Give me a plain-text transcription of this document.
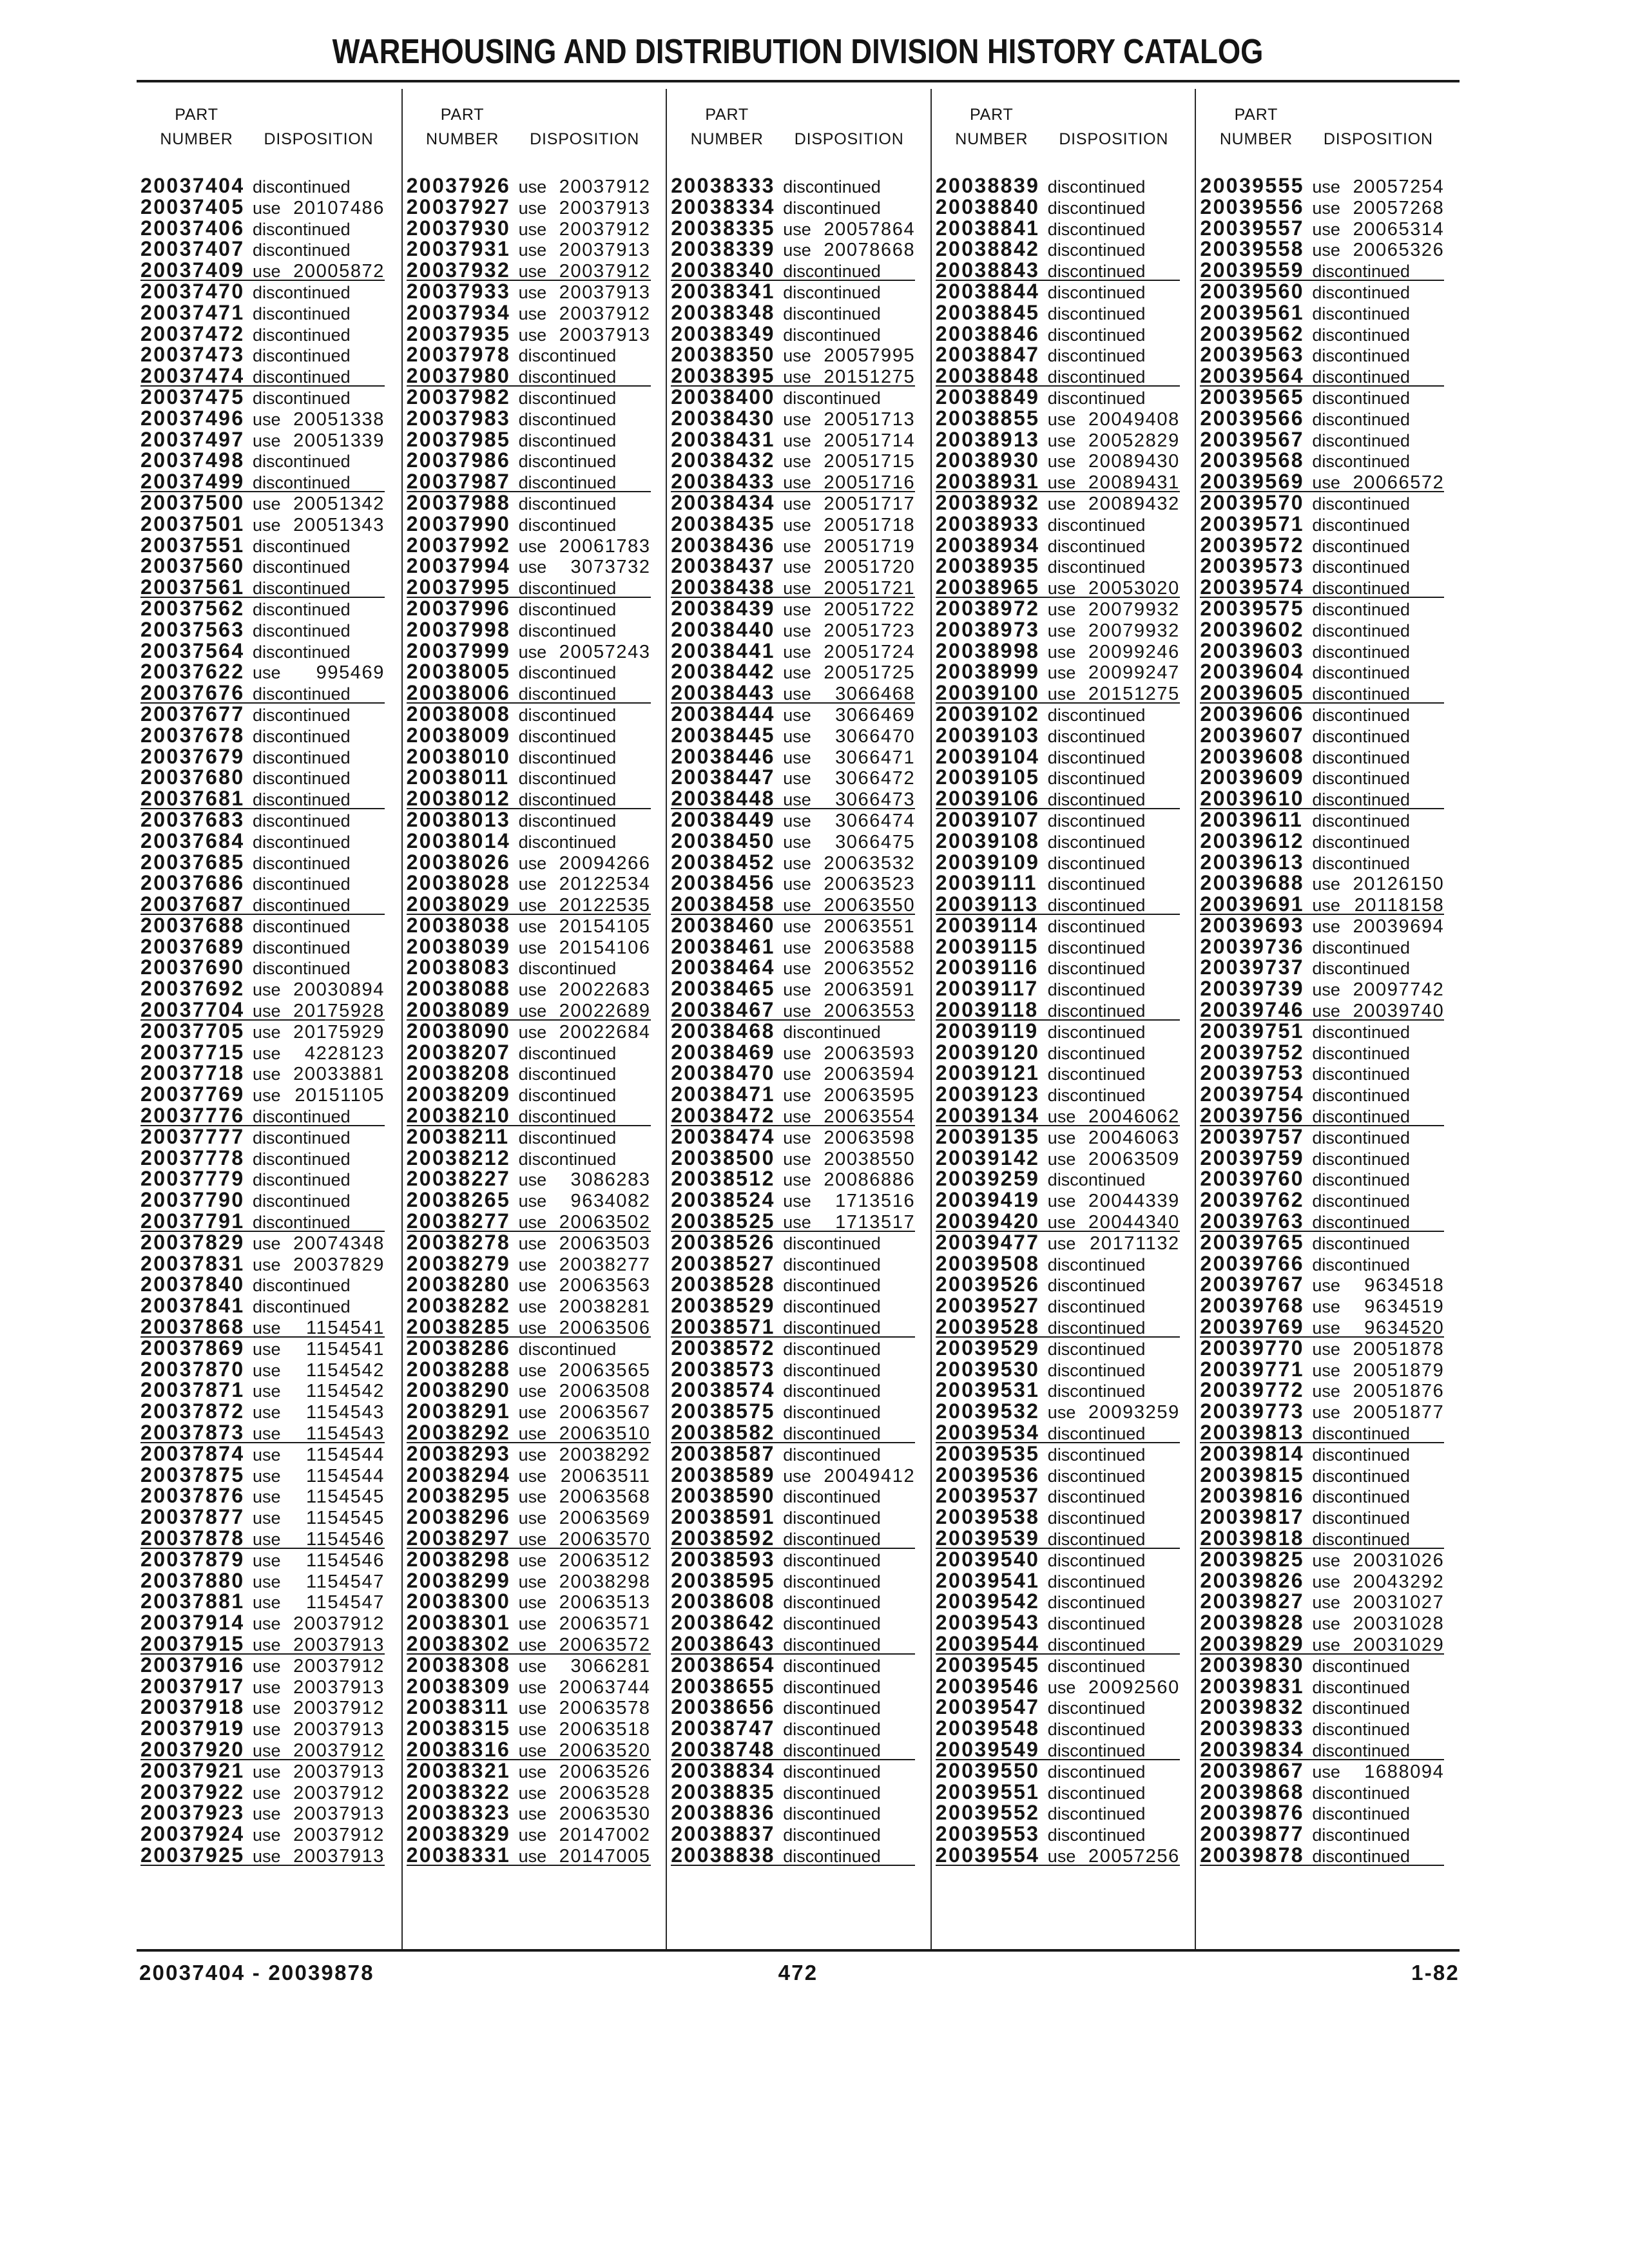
WAREHOUSING AND DISTRIBUTION DIVISION HISTORY CATALOG
PART
NUMBER	DISPOSITION
20037404 discontinued
20037405 use 20107486
20037406 discontinued
20037407 discontinued
20037409 use 20005872
20037470 discontinued
20037471 discontinued
20037472 discontinued
20037473 discontinued
20037474 discontinued
20037475 discontinued
20037496 use 20051338
20037497 use 20051339
20037498 discontinued
20037499 discontinued
20037500 use 20051342
20037501 use 20051343
20037551 discontinued
20037560 discontinued
20037561 discontinued
20037562 discontinued
20037563 discontinued
20037564 discontinued
20037622 use 995469
20037676 discontinued
20037677 discontinued
20037678 discontinued
20037679 discontinued
20037680 discontinued
20037681 discontinued
20037683 discontinued
20037684 discontinued
20037685 discontinued
20037686 discontinued
20037687 discontinued
20037688 discontinued
20037689 discontinued
20037690 discontinued
20037692 use 20030894
20037704 use 20175928
20037705 use 20175929
20037715 use 4228123
20037718 use 20033881
20037769 use 20151105
20037776 discontinued
20037777 discontinued
20037778 discontinued
20037779 discontinued
20037790 discontinued
20037791 discontinued
20037829 use 20074348
20037831 use 20037829
20037840 discontinued
20037841 discontinued
20037868 use 1154541
20037869 use 1154541
20037870 use 1154542
20037871 use 1154542
20037872 use 1154543
20037873 use 1154543
20037874 use 1154544
20037875 use 1154544
20037876 use 1154545
20037877 use 1154545
20037878 use 1154546
20037879 use 1154546
20037880 use 1154547
20037881 use 1154547
20037914 use 20037912
20037915 use 20037913
20037916 use 20037912
20037917 use 20037913
20037918 use 20037912
20037919 use 20037913
20037920 use 20037912
20037921 use 20037913
20037922 use 20037912
20037923 use 20037913
20037924 use 20037912
20037925 use 20037913
PART
NUMBER	DISPOSITION
20037926 use 20037912
20037927 use 20037913
20037930 use 20037912
20037931 use 20037913
20037932 use 20037912
20037933 use 20037913
20037934 use 20037912
20037935 use 20037913
20037978 discontinued
20037980 discontinued
20037982 discontinued
20037983 discontinued
20037985 discontinued
20037986 discontinued
20037987 discontinued
20037988 discontinued
20037990 discontinued
20037992 use 20061783
20037994 use 3073732
20037995 discontinued
20037996 discontinued
20037998 discontinued
20037999 use 20057243
20038005 discontinued
20038006 discontinued
20038008 discontinued
20038009 discontinued
20038010 discontinued
20038011 discontinued
20038012 discontinued
20038013 discontinued
20038014 discontinued
20038026 use 20094266
20038028 use 20122534
20038029 use 20122535
20038038 use 20154105
20038039 use 20154106
20038083 discontinued
20038088 use 20022683
20038089 use 20022689
20038090 use 20022684
20038207 discontinued
20038208 discontinued
20038209 discontinued
20038210 discontinued
20038211 discontinued
20038212 discontinued
20038227 use 3086283
20038265 use 9634082
20038277 use 20063502
20038278 use 20063503
20038279 use 20038277
20038280 use 20063563
20038282 use 20038281
20038285 use 20063506
20038286 discontinued
20038288 use 20063565
20038290 use 20063508
20038291 use 20063567
20038292 use 20063510
20038293 use 20038292
20038294 use 20063511
20038295 use 20063568
20038296 use 20063569
20038297 use 20063570
20038298 use 20063512
20038299 use 20038298
20038300 use 20063513
20038301 use 20063571
20038302 use 20063572
20038308 use 3066281
20038309 use 20063744
20038311 use 20063578
20038315 use 20063518
20038316 use 20063520
20038321 use 20063526
20038322 use 20063528
20038323 use 20063530
20038329 use 20147002
20038331 use 20147005
PART
NUMBER	DISPOSITION
20038333 discontinued
20038334 discontinued
20038335 use 20057864
20038339 use 20078668
20038340 discontinued
20038341 discontinued
20038348 discontinued
20038349 discontinued
20038350 use 20057995
20038395 use 20151275
20038400 discontinued
20038430 use 20051713
20038431 use 20051714
20038432 use 20051715
20038433 use 20051716
20038434 use 20051717
20038435 use 20051718
20038436 use 20051719
20038437 use 20051720
20038438 use 20051721
20038439 use 20051722
20038440 use 20051723
20038441 use 20051724
20038442 use 20051725
20038443 use 3066468
20038444 use 3066469
20038445 use 3066470
20038446 use 3066471
20038447 use 3066472
20038448 use 3066473
20038449 use 3066474
20038450 use 3066475
20038452 use 20063532
20038456 use 20063523
20038458 use 20063550
20038460 use 20063551
20038461 use 20063588
20038464 use 20063552
20038465 use 20063591
20038467 use 20063553
20038468 discontinued
20038469 use 20063593
20038470 use 20063594
20038471 use 20063595
20038472 use 20063554
20038474 use 20063598
20038500 use 20038550
20038512 use 20086886
20038524 use 1713516
20038525 use 1713517
20038526 discontinued
20038527 discontinued
20038528 discontinued
20038529 discontinued
20038571 discontinued
20038572 discontinued
20038573 discontinued
20038574 discontinued
20038575 discontinued
20038582 discontinued
20038587 discontinued
20038589 use 20049412
20038590 discontinued
20038591 discontinued
20038592 discontinued
20038593 discontinued
20038595 discontinued
20038608 discontinued
20038642 discontinued
20038643 discontinued
20038654 discontinued
20038655 discontinued
20038656 discontinued
20038747 discontinued
20038748 discontinued
20038834 discontinued
20038835 discontinued
20038836 discontinued
20038837 discontinued
20038838 discontinued
PART
NUMBER	DISPOSITION
20038839 discontinued
20038840 discontinued
20038841 discontinued
20038842 discontinued
20038843 discontinued
20038844 discontinued
20038845 discontinued
20038846 discontinued
20038847 discontinued
20038848 discontinued
20038849 discontinued
20038855 use 20049408
20038913 use 20052829
20038930 use 20089430
20038931 use 20089431
20038932 use 20089432
20038933 discontinued
20038934 discontinued
20038935 discontinued
20038965 use 20053020
20038972 use 20079932
20038973 use 20079932
20038998 use 20099246
20038999 use 20099247
20039100 use 20151275
20039102 discontinued
20039103 discontinued
20039104 discontinued
20039105 discontinued
20039106 discontinued
20039107 discontinued
20039108 discontinued
20039109 discontinued
20039111 discontinued
20039113 discontinued
20039114 discontinued
20039115 discontinued
20039116 discontinued
20039117 discontinued
20039118 discontinued
20039119 discontinued
20039120 discontinued
20039121 discontinued
20039123 discontinued
20039134 use 20046062
20039135 use 20046063
20039142 use 20063509
20039259 discontinued
20039419 use 20044339
20039420 use 20044340
20039477 use 20171132
20039508 discontinued
20039526 discontinued
20039527 discontinued
20039528 discontinued
20039529 discontinued
20039530 discontinued
20039531 discontinued
20039532 use 20093259
20039534 discontinued
20039535 discontinued
20039536 discontinued
20039537 discontinued
20039538 discontinued
20039539 discontinued
20039540 discontinued
20039541 discontinued
20039542 discontinued
20039543 discontinued
20039544 discontinued
20039545 discontinued
20039546 use 20092560
20039547 discontinued
20039548 discontinued
20039549 discontinued
20039550 discontinued
20039551 discontinued
20039552 discontinued
20039553 discontinued
20039554 use 20057256
PART
NUMBER	DISPOSITION
20039555 use 20057254
20039556 use 20057268
20039557 use 20065314
20039558 use 20065326
20039559 discontinued
20039560 discontinued
20039561 discontinued
20039562 discontinued
20039563 discontinued
20039564 discontinued
20039565 discontinued
20039566 discontinued
20039567 discontinued
20039568 discontinued
20039569 use 20066572
20039570 discontinued
20039571 discontinued
20039572 discontinued
20039573 discontinued
20039574 discontinued
20039575 discontinued
20039602 discontinued
20039603 discontinued
20039604 discontinued
20039605 discontinued
20039606 discontinued
20039607 discontinued
20039608 discontinued
20039609 discontinued
20039610 discontinued
20039611 discontinued
20039612 discontinued
20039613 discontinued
20039688 use 20126150
20039691 use 20118158
20039693 use 20039694
20039736 discontinued
20039737 discontinued
20039739 use 20097742
20039746 use 20039740
20039751 discontinued
20039752 discontinued
20039753 discontinued
20039754 discontinued
20039756 discontinued
20039757 discontinued
20039759 discontinued
20039760 discontinued
20039762 discontinued
20039763 discontinued
20039765 discontinued
20039766 discontinued
20039767 use 9634518
20039768 use 9634519
20039769 use 9634520
20039770 use 20051878
20039771 use 20051879
20039772 use 20051876
20039773 use 20051877
20039813 discontinued
20039814 discontinued
20039815 discontinued
20039816 discontinued
20039817 discontinued
20039818 discontinued
20039825 use 20031026
20039826 use 20043292
20039827 use 20031027
20039828 use 20031028
20039829 use 20031029
20039830 discontinued
20039831 discontinued
20039832 discontinued
20039833 discontinued
20039834 discontinued
20039867 use 1688094
20039868 discontinued
20039876 discontinued
20039877 discontinued
20039878 discontinued
472
20037404 - 20039878	1-82
